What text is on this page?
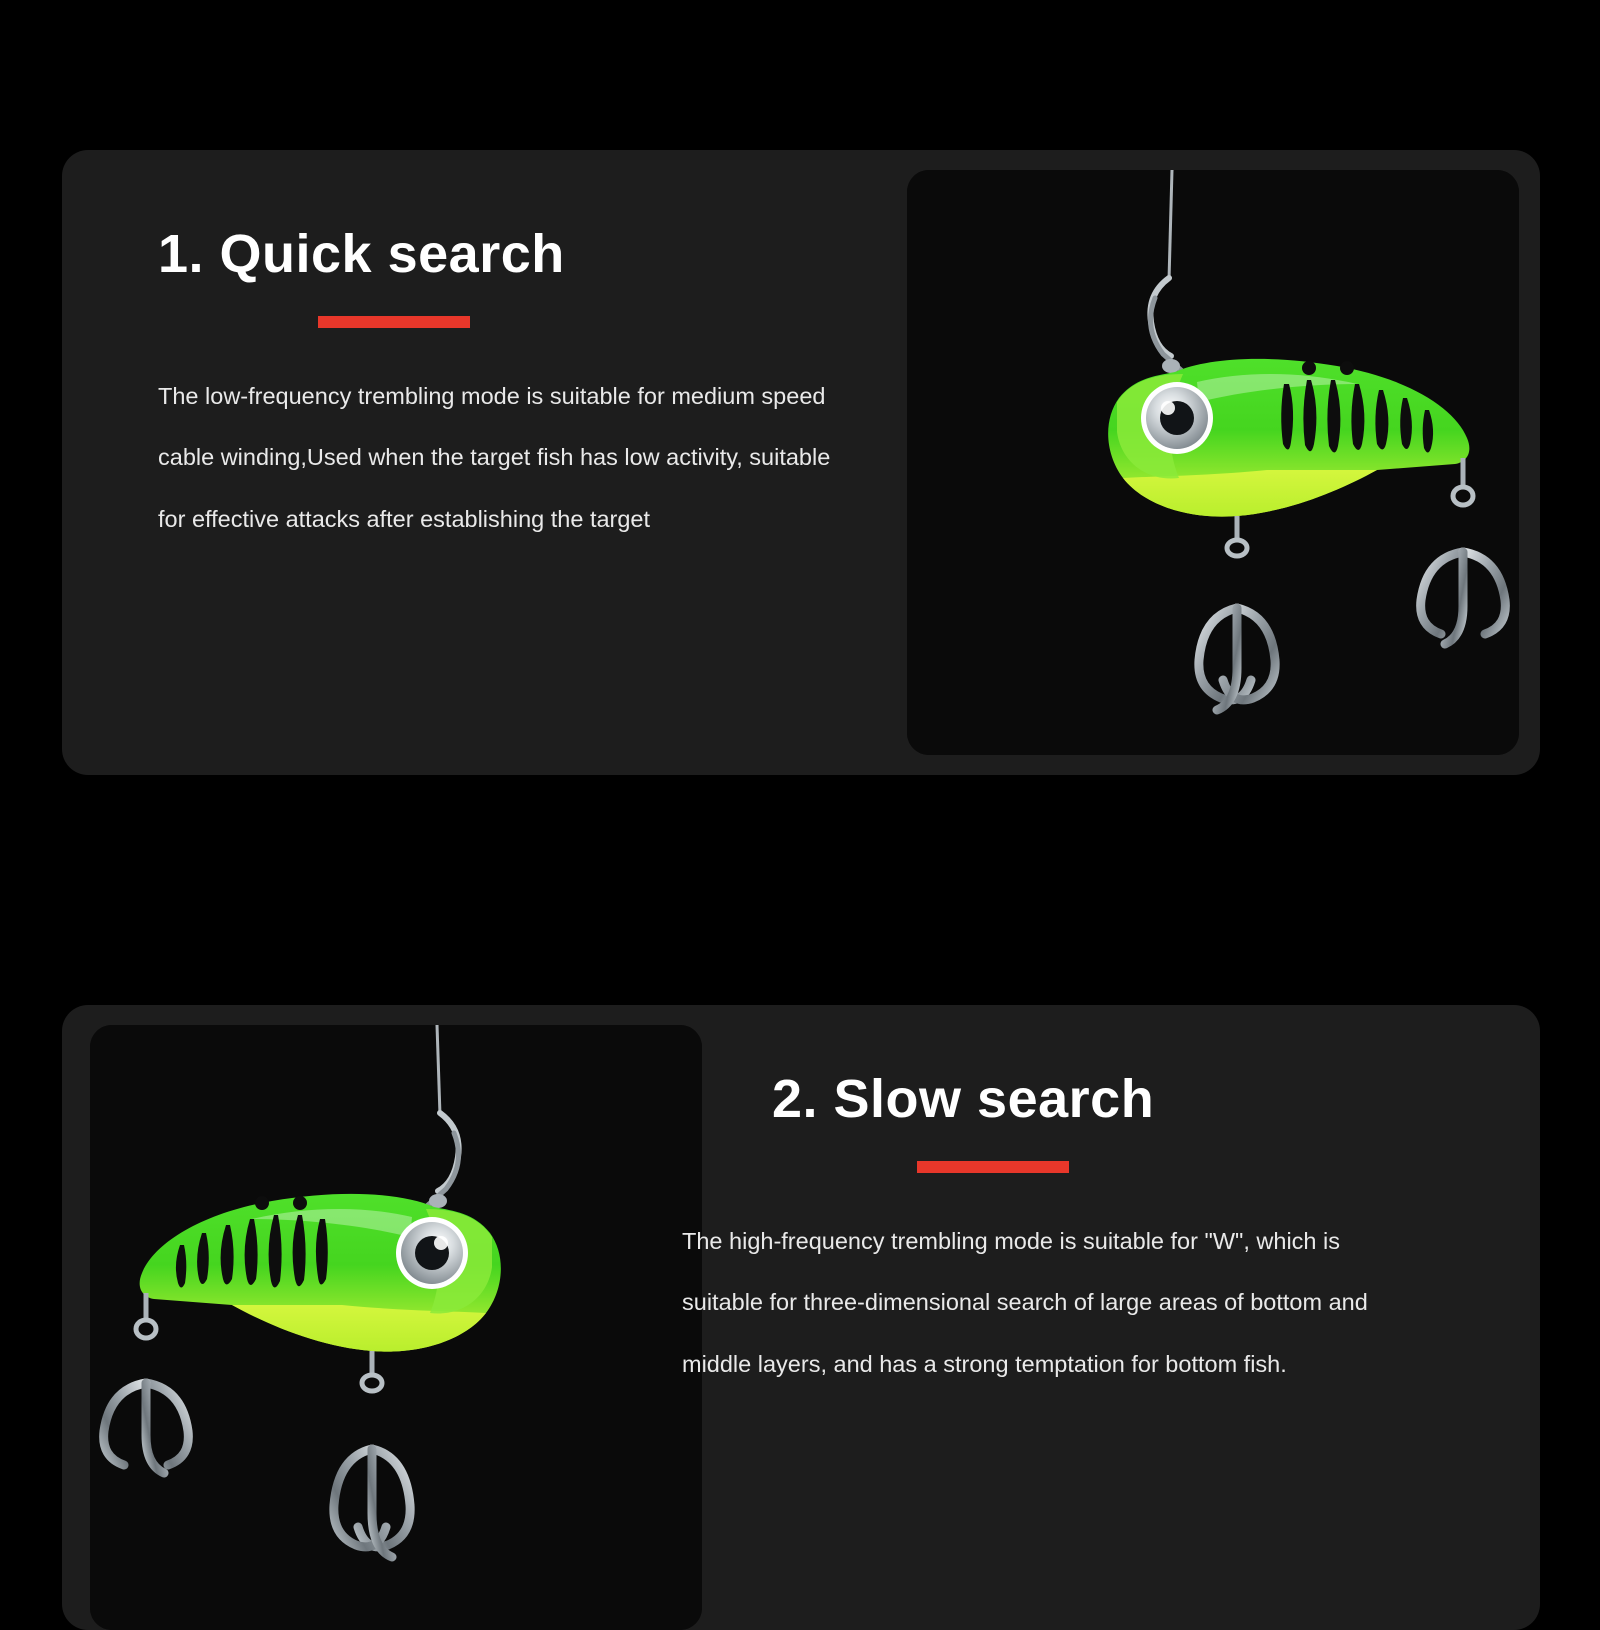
1. Quick search

The low-frequency trembling mode is suitable for medium speed
cable winding,Used when the target fish has low activity, suitable
for effective attacks after establishing the target

2. Slow search

The high-frequency trembling mode is suitable for "W", which is
suitable for three-dimensional search of large areas of bottom and
middle layers, and has a strong temptation for bottom fish.
